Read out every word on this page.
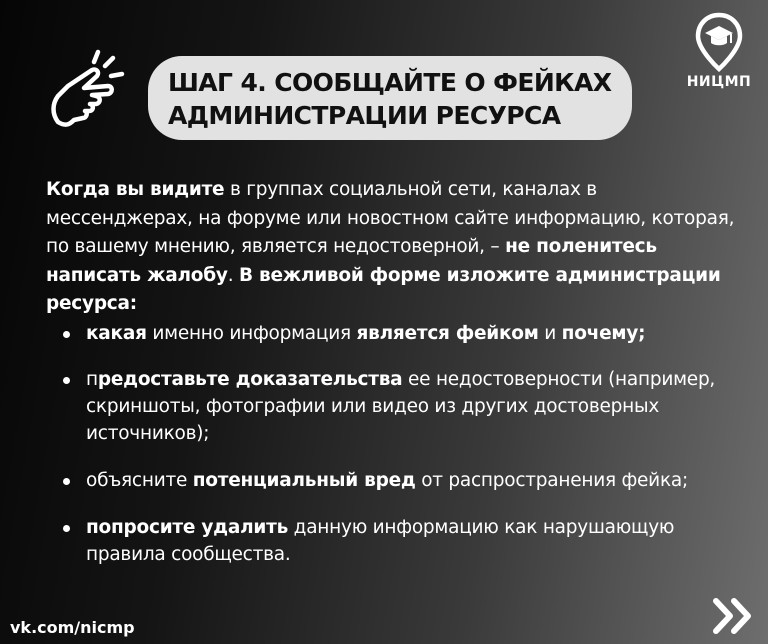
ШАГ 4. СООБЩАЙТЕ О ФЕЙКАХ
АДМИНИСТРАЦИИ РЕСУРСА
НИЦМП

Когда вы видите в группах социальной сети, каналах в мессенджерах, на форуме или новостном сайте информацию, которая, по вашему мнению, является недостоверной, – не поленитесь написать жалобу. В вежливой форме изложите администрации ресурса:

какая именно информация является фейком и почему;
предоставьте доказательства ее недостоверности (например, скриншоты, фотографии или видео из других достоверных источников);
объясните потенциальный вред от распространения фейка;
попросите удалить данную информацию как нарушающую правила сообщества.
vk.com/nicmp
